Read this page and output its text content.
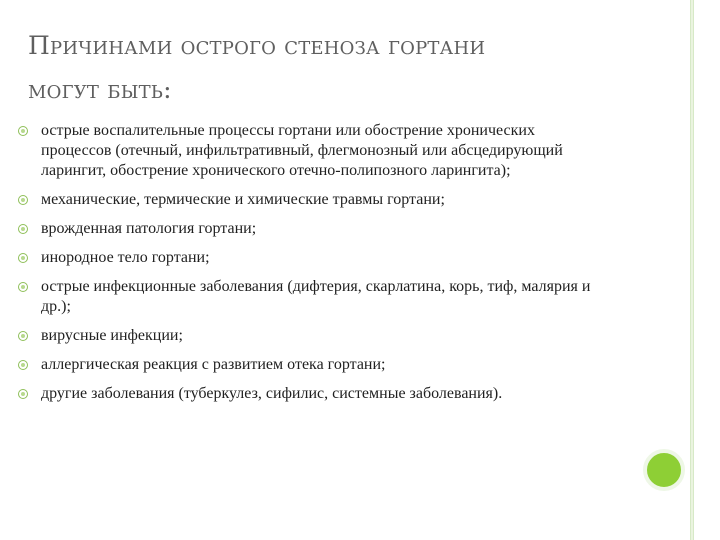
Причинами острого стеноза гортани
могут быть:
острые воспалительные процессы гортани или обострение хронических процессов (отечный, инфильтративный, флегмонозный или абсцедирующий ларингит, обострение хронического отечно-полипозного ларингита);
механические, термические и химические травмы гортани;
врожденная патология гортани;
инородное тело гортани;
острые инфекционные заболевания (дифтерия, скарлатина, корь, тиф, малярия и др.);
вирусные инфекции;
аллергическая реакция с развитием отека гортани;
другие заболевания (туберкулез, сифилис, системные заболевания).
